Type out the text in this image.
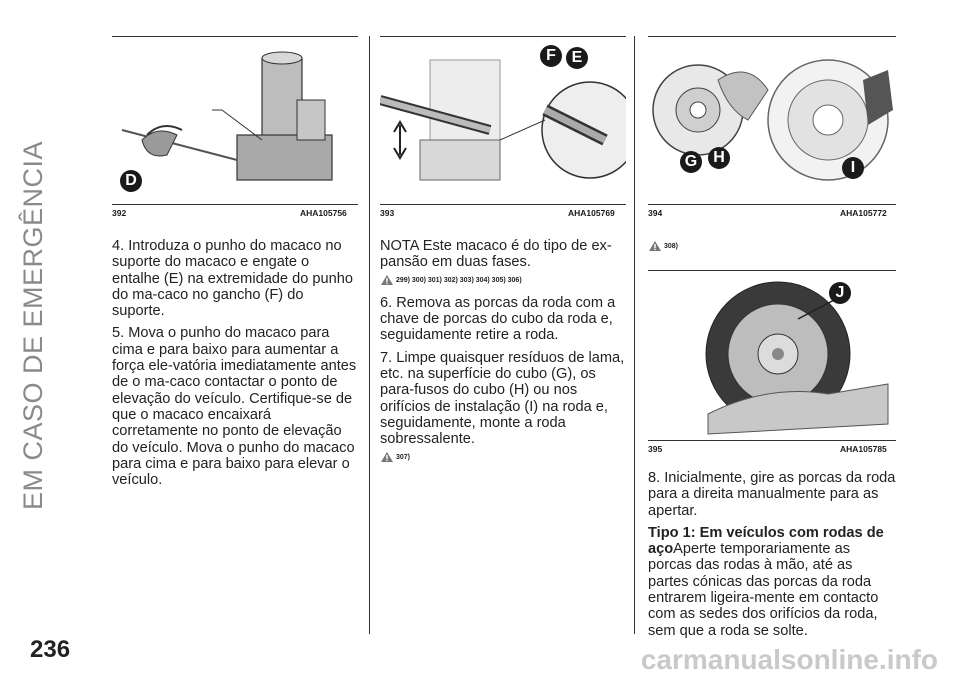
EM CASO DE EMERGÊNCIA	D
392	AHA105756

4. Introduza o punho do macaco no suporte do macaco e engate o entalhe (E) na extremidade do punho do ma-caco no gancho (F) do suporte.

5. Mova o punho do macaco para cima e para baixo para aumentar a força ele-vatória imediatamente antes de o ma-caco contactar o ponto de elevação do veículo. Certifique-se de que o macaco encaixará corretamente no ponto de elevação do veículo. Mova o punho do macaco para cima e para baixo para elevar o veículo.

F E
393	AHA105769

NOTA Este macaco é do tipo de ex-pansão em duas fases.

299) 300) 301) 302) 303) 304) 305) 306)

6. Remova as porcas da roda com a chave de porcas do cubo da roda e, seguidamente retire a roda.

7. Limpe quaisquer resíduos de lama, etc. na superfície do cubo (G), os para-fusos do cubo (H) ou nos orifícios de instalação (I) na roda e, seguidamente, monte a roda sobressalente.

307)
G	H
I
394	AHA105772
308)
J
395	AHA105785

8. Inicialmente, gire as porcas da roda para a direita manualmente para as apertar.

Tipo 1: Em veículos com rodas de açoAperte temporariamente as porcas das rodas à mão, até as partes cónicas das porcas da roda entrarem ligeira-mente em contacto com as sedes dos orifícios da roda, sem que a roda se solte.

236	carmanualsonline.info
